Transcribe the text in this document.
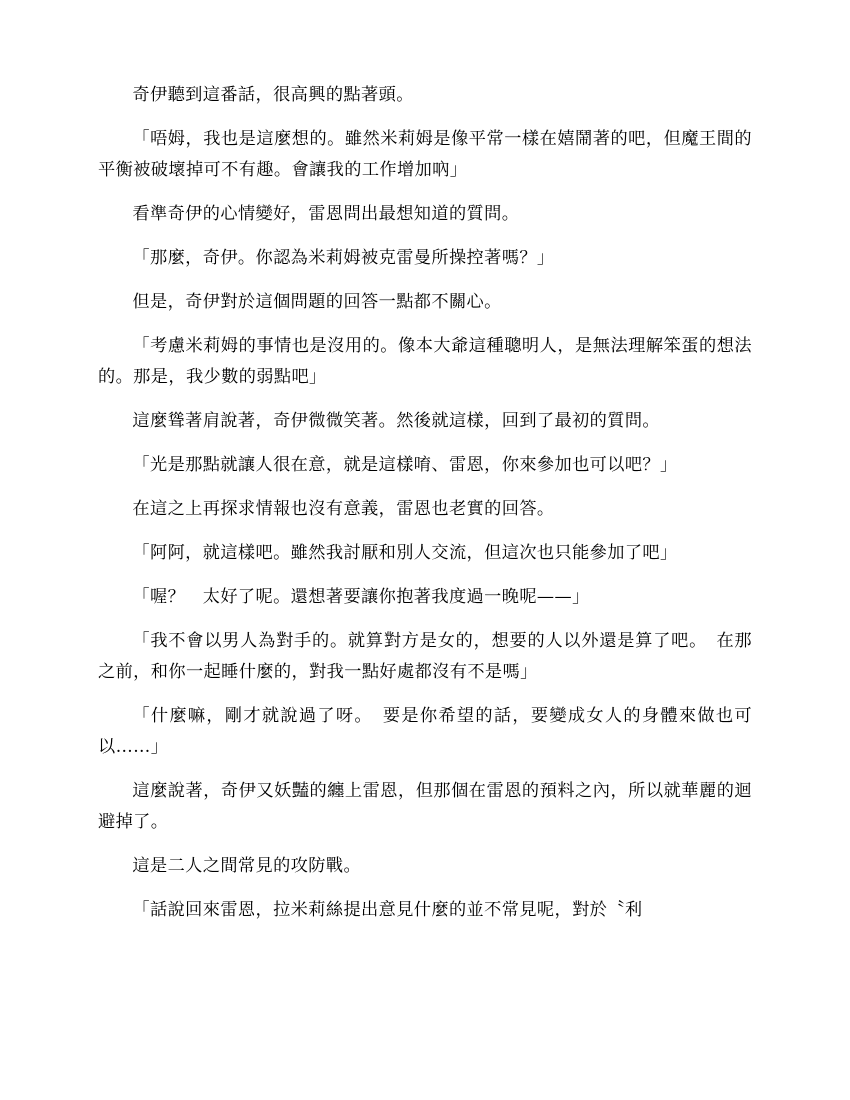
奇伊聽到這番話，很高興的點著頭。

「唔姆，我也是這麼想的。雖然米莉姆是像平常一樣在嬉鬧著的吧，但魔王間的平衡被破壞掉可不有趣。會讓我的工作增加吶」

看準奇伊的心情變好，雷恩問出最想知道的質問。

「那麼，奇伊。你認為米莉姆被克雷曼所操控著嗎？」

但是，奇伊對於這個問題的回答一點都不關心。

「考慮米莉姆的事情也是沒用的。像本大爺這種聰明人，是無法理解笨蛋的想法的。那是，我少數的弱點吧」

這麼聳著肩說著，奇伊微微笑著。然後就這樣，回到了最初的質問。

「光是那點就讓人很在意，就是這樣唷、雷恩，你來參加也可以吧？」

在這之上再探求情報也沒有意義，雷恩也老實的回答。

「阿阿，就這樣吧。雖然我討厭和別人交流，但這次也只能參加了吧」

「喔？　太好了呢。還想著要讓你抱著我度過一晚呢——」

「我不會以男人為對手的。就算對方是女的，想要的人以外還是算了吧。　在那之前，和你一起睡什麼的，對我一點好處都沒有不是嗎」

「什麼嘛，剛才就說過了呀。　要是你希望的話，要變成女人的身體來做也可以……」

這麼說著，奇伊又妖豔的纏上雷恩，但那個在雷恩的預料之內，所以就華麗的迴避掉了。

這是二人之間常見的攻防戰。

「話說回來雷恩，拉米莉絲提出意見什麼的並不常見呢，對於〝利
